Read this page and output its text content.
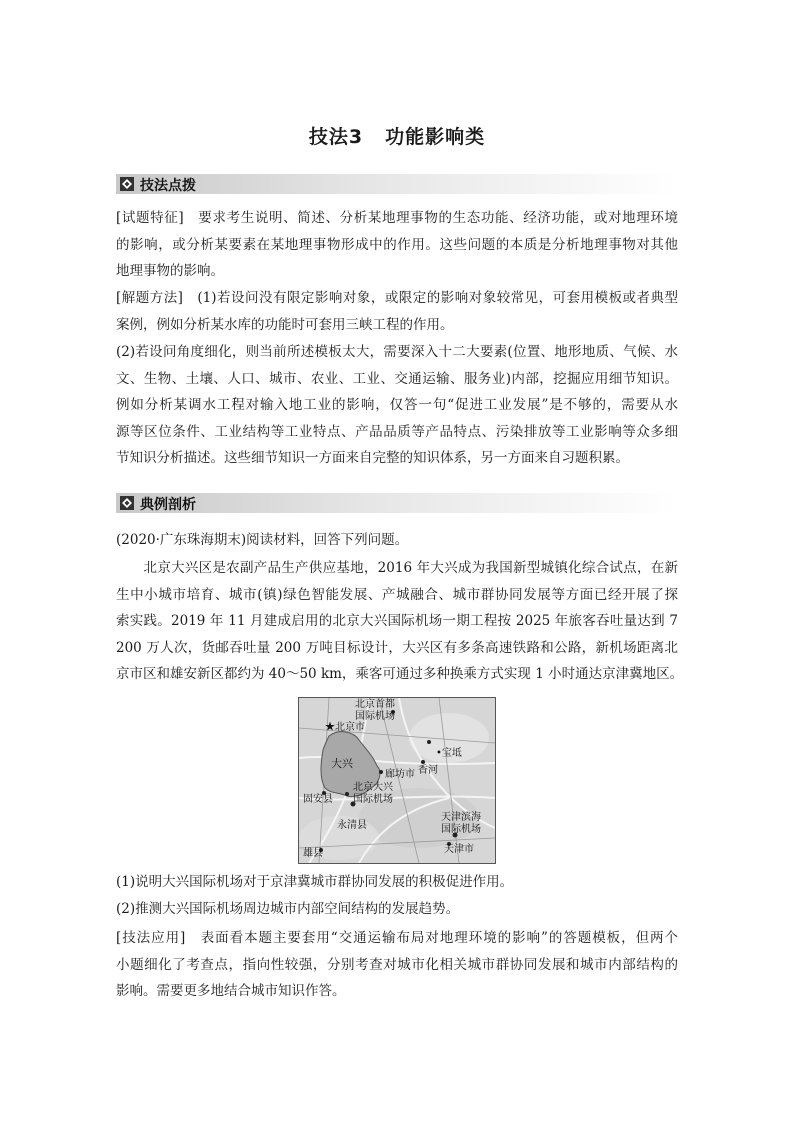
技法3 功能影响类
技法点拨
[试题特征]　要求考生说明、简述、分析某地理事物的生态功能、经济功能，或对地理环境
的影响，或分析某要素在某地理事物形成中的作用。这些问题的本质是分析地理事物对其他
地理事物的影响。
[解题方法]　(1)若设问没有限定影响对象，或限定的影响对象较常见，可套用模板或者典型
案例，例如分析某水库的功能时可套用三峡工程的作用。
(2)若设问角度细化，则当前所述模板太大，需要深入十二大要素(位置、地形地质、气候、水
文、生物、土壤、人口、城市、农业、工业、交通运输、服务业)内部，挖掘应用细节知识。
例如分析某调水工程对输入地工业的影响，仅答一句“促进工业发展”是不够的，需要从水
源等区位条件、工业结构等工业特点、产品品质等产品特点、污染排放等工业影响等众多细
节知识分析描述。这些细节知识一方面来自完整的知识体系，另一方面来自习题积累。
典例剖析
(2020·广东珠海期末)阅读材料，回答下列问题。
　　北京大兴区是农副产品生产供应基地，2016 年大兴成为我国新型城镇化综合试点，在新
生中小城市培育、城市(镇)绿色智能发展、产城融合、城市群协同发展等方面已经开展了探
索实践。2019 年 11 月建成启用的北京大兴国际机场一期工程按 2025 年旅客吞吐量达到 7
200 万人次，货邮吞吐量 200 万吨目标设计，大兴区有多条高速铁路和公路，新机场距离北
京市区和雄安新区都约为 40～50 km，乘客可通过多种换乘方式实现 1 小时通达京津冀地区。
北京首都
国际机场
★北京市
•宝坻
大兴
香河
廊坊市
固安县
北京大兴
国际机场
永清县
天津滨海
国际机场
天津市
雄县
(1)说明大兴国际机场对于京津冀城市群协同发展的积极促进作用。
(2)推测大兴国际机场周边城市内部空间结构的发展趋势。
[技法应用]　表面看本题主要套用“交通运输布局对地理环境的影响”的答题模板，但两个
小题细化了考查点，指向性较强，分别考查对城市化相关城市群协同发展和城市内部结构的
影响。需要更多地结合城市知识作答。
